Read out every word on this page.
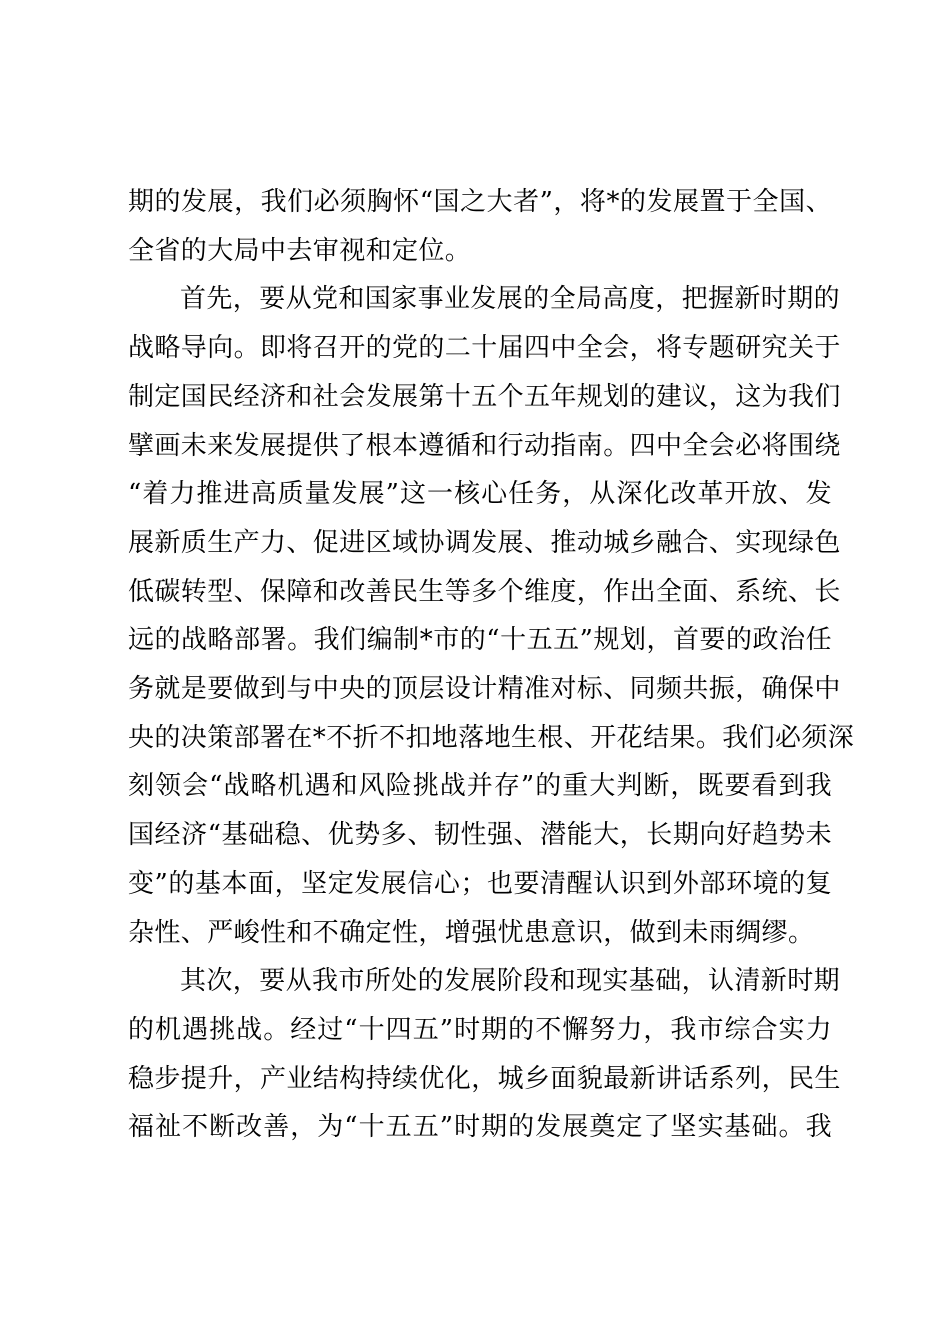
期的发展，我们必须胸怀“国之大者”，将*的发展置于全国、
全省的大局中去审视和定位。

首先，要从党和国家事业发展的全局高度，把握新时期的
战略导向。即将召开的党的二十届四中全会，将专题研究关于
制定国民经济和社会发展第十五个五年规划的建议，这为我们
擘画未来发展提供了根本遵循和行动指南。四中全会必将围绕
“着力推进高质量发展”这一核心任务，从深化改革开放、发
展新质生产力、促进区域协调发展、推动城乡融合、实现绿色
低碳转型、保障和改善民生等多个维度，作出全面、系统、长
远的战略部署。我们编制*市的“十五五”规划，首要的政治任
务就是要做到与中央的顶层设计精准对标、同频共振，确保中
央的决策部署在*不折不扣地落地生根、开花结果。我们必须深
刻领会“战略机遇和风险挑战并存”的重大判断，既要看到我
国经济“基础稳、优势多、韧性强、潜能大，长期向好趋势未
变”的基本面，坚定发展信心；也要清醒认识到外部环境的复
杂性、严峻性和不确定性，增强忧患意识，做到未雨绸缪。

其次，要从我市所处的发展阶段和现实基础，认清新时期
的机遇挑战。经过“十四五”时期的不懈努力，我市综合实力
稳步提升，产业结构持续优化，城乡面貌最新讲话系列，民生
福祉不断改善，为“十五五”时期的发展奠定了坚实基础。我
